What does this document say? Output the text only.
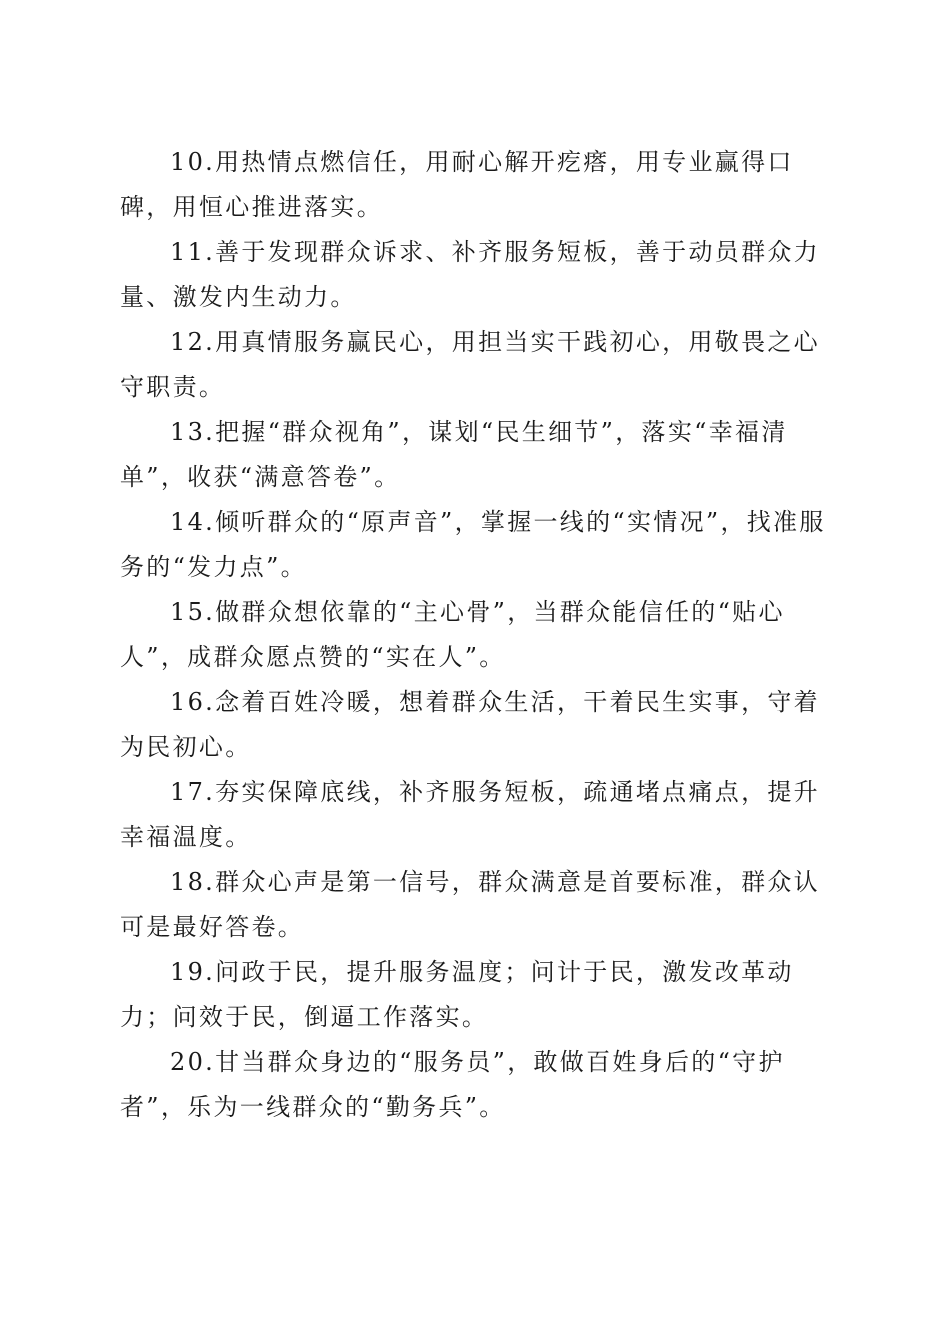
10.用热情点燃信任，用耐心解开疙瘩，用专业赢得口碑，用恒心推进落实。

11.善于发现群众诉求、补齐服务短板，善于动员群众力量、激发内生动力。

12.用真情服务赢民心，用担当实干践初心，用敬畏之心守职责。

13.把握“群众视角”，谋划“民生细节”，落实“幸福清单”，收获“满意答卷”。

14.倾听群众的“原声音”，掌握一线的“实情况”，找准服务的“发力点”。

15.做群众想依靠的“主心骨”，当群众能信任的“贴心人”，成群众愿点赞的“实在人”。

16.念着百姓冷暖，想着群众生活，干着民生实事，守着为民初心。

17.夯实保障底线，补齐服务短板，疏通堵点痛点，提升幸福温度。

18.群众心声是第一信号，群众满意是首要标准，群众认可是最好答卷。

19.问政于民，提升服务温度；问计于民，激发改革动力；问效于民，倒逼工作落实。

20.甘当群众身边的“服务员”，敢做百姓身后的“守护者”，乐为一线群众的“勤务兵”。
